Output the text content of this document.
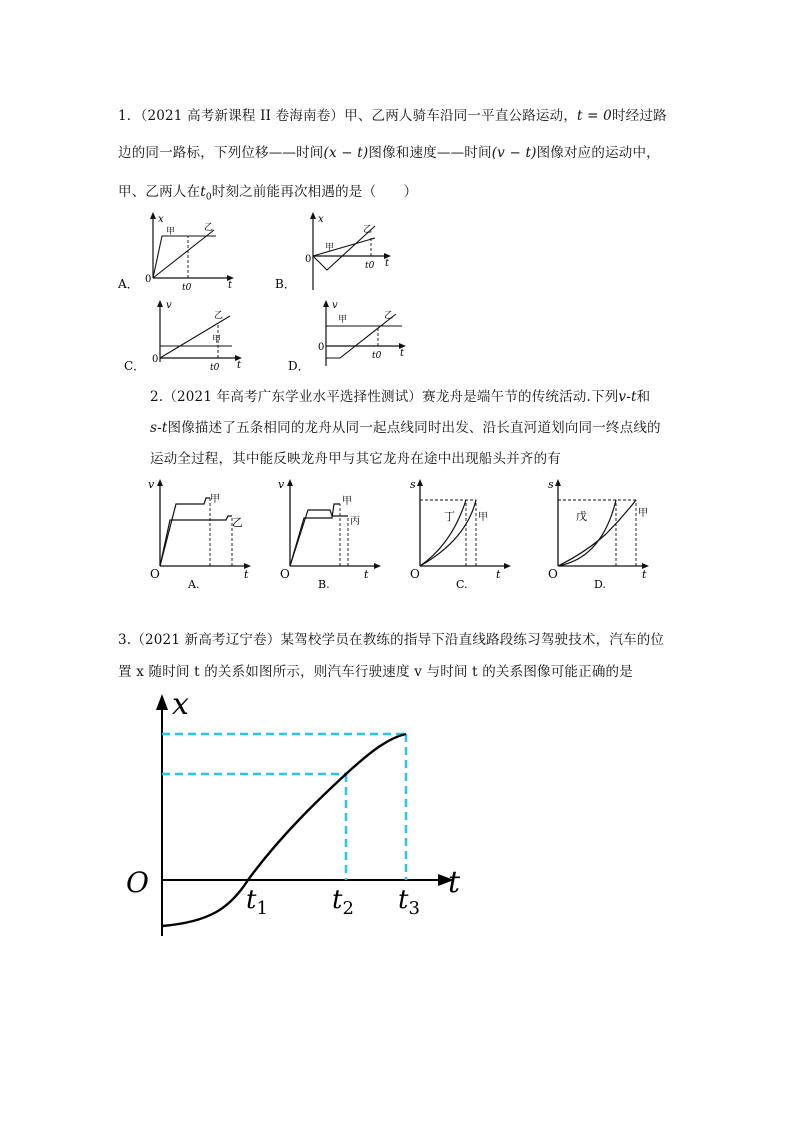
1．（2021 高考新课程 II 卷海南卷）甲、乙两人骑车沿同一平直公路运动，t = 0时经过路
边的同一路标，下列位移——时间(x − t)图像和速度——时间(v − t)图像对应的运动中，
甲、乙两人在$t_0$时刻之前能再次相遇的是（　　）
A．
x
t
0
甲	乙
t0	B．
x
t
0
甲
乙
t0
C．
v
t
0
甲
乙
t0	D．
v
t
0
甲	乙
t0
2.（2021 年高考广东学业水平选择性测试）赛龙舟是端午节的传统活动.下列v-t和
s-t图像描述了五条相同的龙舟从同一起点线同时出发、沿长直河道划向同一终点线的
运动全过程，其中能反映龙舟甲与其它龙舟在途中出现船头并齐的有
v
t
O
甲
乙
A.
v
t
O
甲
丙
B.
s
t
O
丁 甲
C.
s
t
O
戊	甲
D.
3.（2021 新高考辽宁卷）某驾校学员在教练的指导下沿直线路段练习驾驶技术，汽车的位
置 x 随时间 t 的关系如图所示，则汽车行驶速度 v 与时间 t 的关系图像可能正确的是
x
t
O
$t_1$ $t_2$ $t_3$
